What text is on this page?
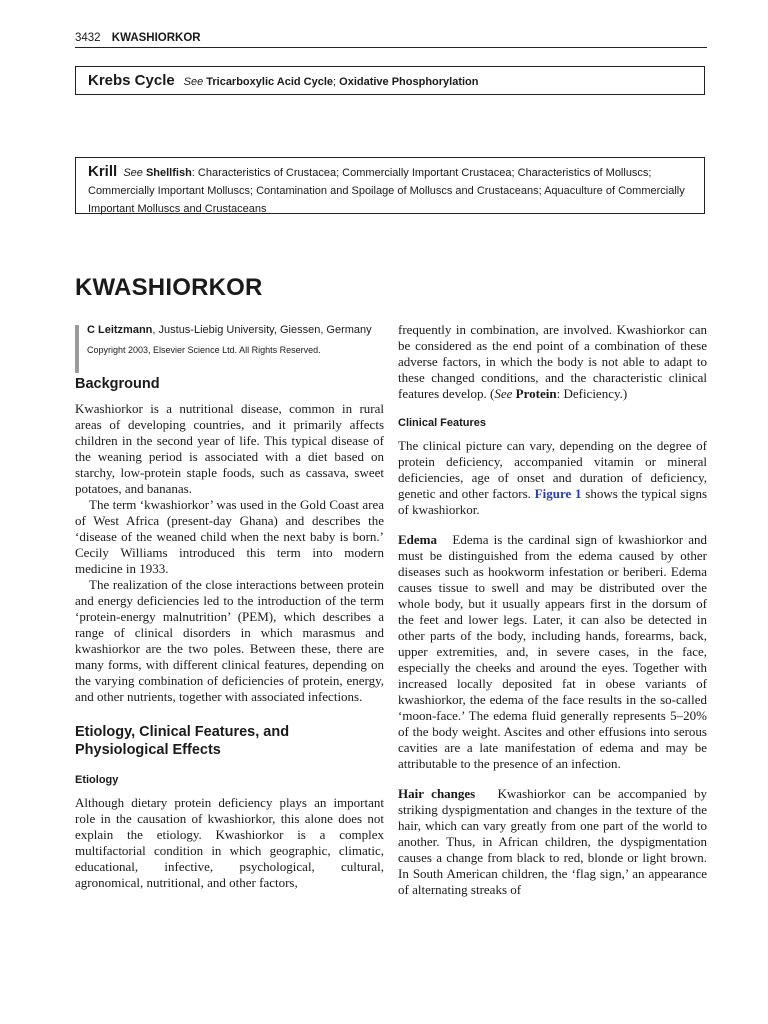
3432 KWASHIORKOR
Krebs Cycle See Tricarboxylic Acid Cycle; Oxidative Phosphorylation
Krill See Shellfish: Characteristics of Crustacea; Commercially Important Crustacea; Characteristics of Molluscs; Commercially Important Molluscs; Contamination and Spoilage of Molluscs and Crustaceans; Aquaculture of Commercially Important Molluscs and Crustaceans
KWASHIORKOR
C Leitzmann, Justus-Liebig University, Giessen, Germany
Copyright 2003, Elsevier Science Ltd. All Rights Reserved.
Background

Kwashiorkor is a nutritional disease, common in rural areas of developing countries, and it primarily affects children in the second year of life. This typical disease of the weaning period is associated with a diet based on starchy, low-protein staple foods, such as cassava, sweet potatoes, and bananas.

The term ‘kwashiorkor’ was used in the Gold Coast area of West Africa (present-day Ghana) and describes the ‘disease of the weaned child when the next baby is born.’ Cecily Williams introduced this term into modern medicine in 1933.

The realization of the close interactions between protein and energy deficiencies led to the introduction of the term ‘protein-energy malnutrition’ (PEM), which describes a range of clinical disorders in which marasmus and kwashiorkor are the two poles. Between these, there are many forms, with different clinical features, depending on the varying combination of deficiencies of protein, energy, and other nutrients, together with associated infections.

Etiology, Clinical Features, and Physiological Effects
Etiology

Although dietary protein deficiency plays an important role in the causation of kwashiorkor, this alone does not explain the etiology. Kwashiorkor is a complex multifactorial condition in which geographic, climatic, educational, infective, psychological, cultural, agronomical, nutritional, and other factors,

frequently in combination, are involved. Kwashiorkor can be considered as the end point of a combination of these adverse factors, in which the body is not able to adapt to these changed conditions, and the characteristic clinical features develop. (See Protein: Deficiency.)

Clinical Features

The clinical picture can vary, depending on the degree of protein deficiency, accompanied vitamin or mineral deficiencies, age of onset and duration of deficiency, genetic and other factors. Figure 1 shows the typical signs of kwashiorkor.

Edema Edema is the cardinal sign of kwashiorkor and must be distinguished from the edema caused by other diseases such as hookworm infestation or beriberi. Edema causes tissue to swell and may be distributed over the whole body, but it usually appears first in the dorsum of the feet and lower legs. Later, it can also be detected in other parts of the body, including hands, forearms, back, upper extremities, and, in severe cases, in the face, especially the cheeks and around the eyes. Together with increased locally deposited fat in obese variants of kwashiorkor, the edema of the face results in the so-called ‘moon-face.’ The edema fluid generally represents 5–20% of the body weight. Ascites and other effusions into serous cavities are a late manifestation of edema and may be attributable to the presence of an infection.

Hair changes Kwashiorkor can be accompanied by striking dyspigmentation and changes in the texture of the hair, which can vary greatly from one part of the world to another. Thus, in African children, the dyspigmentation causes a change from black to red, blonde or light brown. In South American children, the ‘flag sign,’ an appearance of alternating streaks of
